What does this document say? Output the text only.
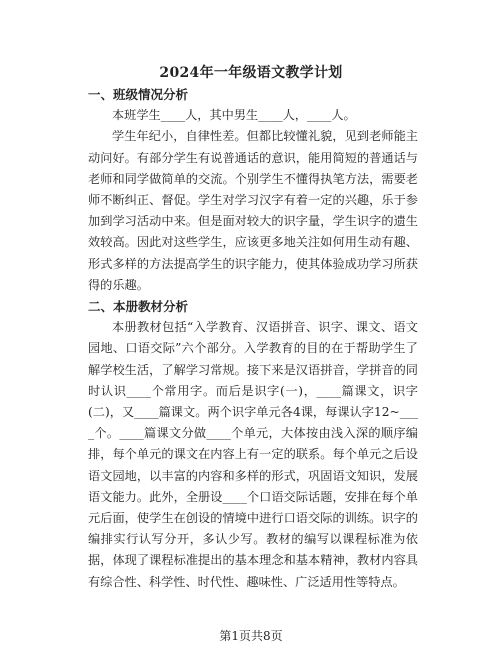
2024年一年级语文教学计划
一、班级情况分析

本班学生____人，其中男生____人，____人。

学生年纪小，自律性差。但都比较懂礼貌，见到老师能主动问好。有部分学生有说普通话的意识，能用简短的普通话与老师和同学做简单的交流。个别学生不懂得执笔方法，需要老师不断纠正、督促。学生对学习汉字有着一定的兴趣，乐于参加到学习活动中来。但是面对较大的识字量，学生识字的遗生效较高。因此对这些学生，应该更多地关注如何用生动有趣、形式多样的方法提高学生的识字能力，使其体验成功学习所获得的乐趣。

二、本册教材分析

本册教材包括“入学教育、汉语拼音、识字、课文、语文园地、口语交际”六个部分。入学教育的目的在于帮助学生了解学校生活，了解学习常规。接下来是汉语拼音，学拼音的同时认识____个常用字。而后是识字(一)，____篇课文，识字(二)，又____篇课文。两个识字单元各4课，每课认字12~____个。____篇课文分做____个单元，大体按由浅入深的顺序编排，每个单元的课文在内容上有一定的联系。每个单元之后设语文园地，以丰富的内容和多样的形式，巩固语文知识，发展语文能力。此外，全册设____个口语交际话题，安排在每个单元后面，使学生在创设的情境中进行口语交际的训练。识字的编排实行认写分开，多认少写。教材的编写以课程标准为依据，体现了课程标准提出的基本理念和基本精神，教材内容具有综合性、科学性、时代性、趣味性、广泛适用性等特点。

第1页共8页
